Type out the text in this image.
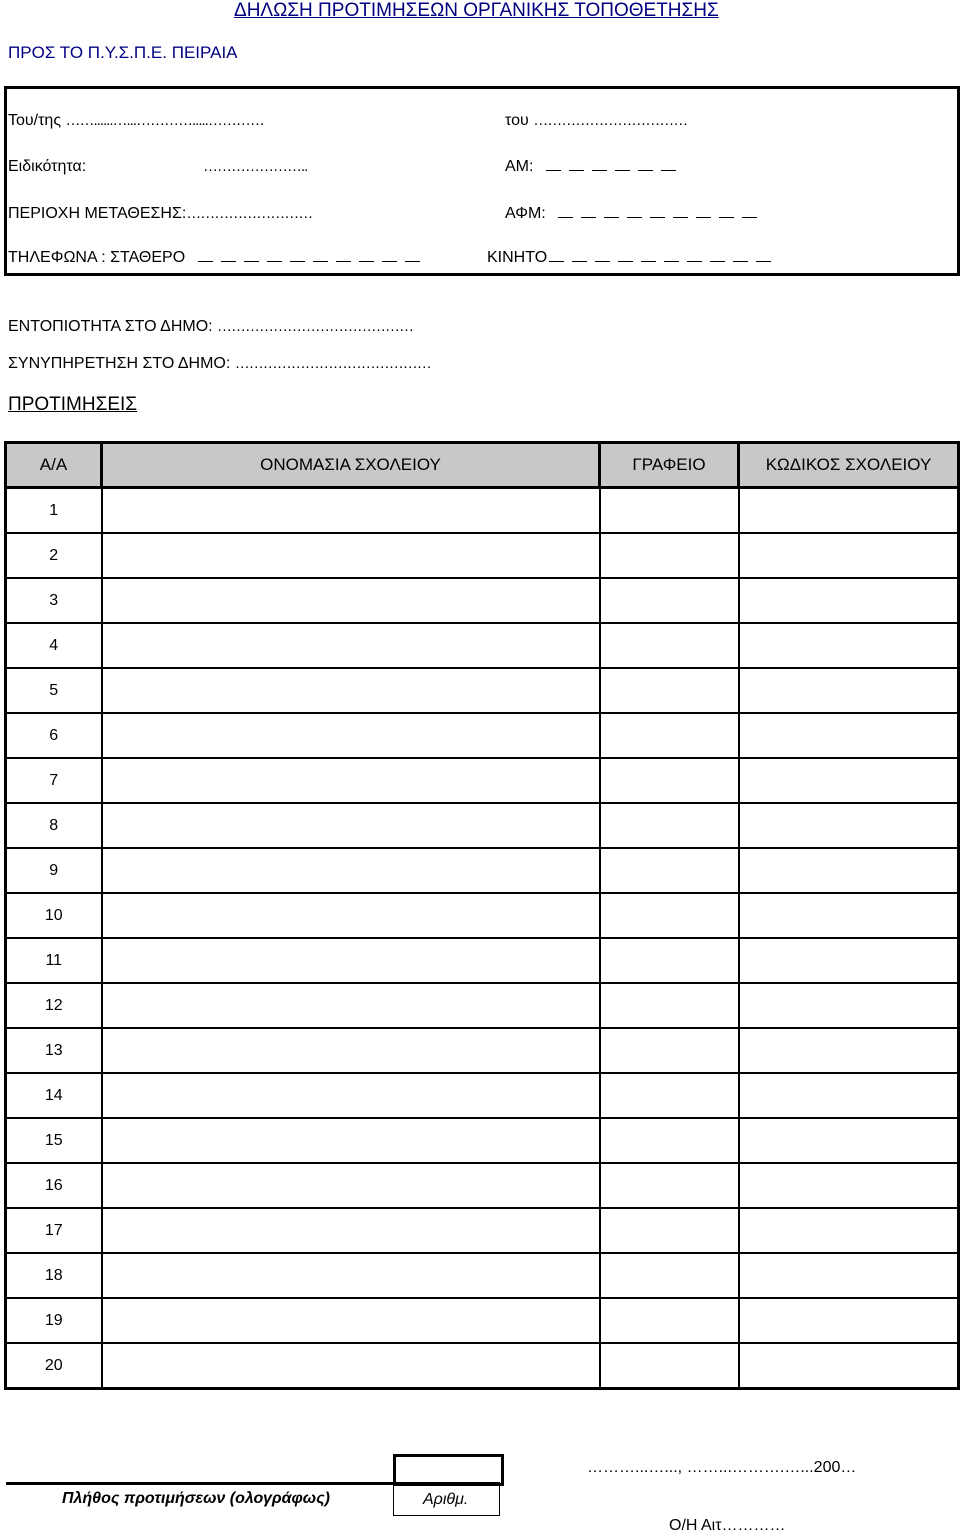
ΔΗΛΩΣΗ ΠΡΟΤΙΜΗΣΕΩΝ ΟΡΓΑΝΙΚΗΣ ΤΟΠΟΘΕΤΗΣΗΣ
ΠΡΟΣ ΤΟ Π.Υ.Σ.Π.Ε. ΠΕΙΡΑΙΑ
Του/της ……......…...………….....…………	του ……………………………
Ειδικότητα:	…………………..	ΑΜ:
ΠΕΡΙΟΧΗ ΜΕΤΑΘΕΣΗΣ:………………………	ΑΦΜ:
ΤΗΛΕΦΩΝΑ : ΣΤΑΘΕΡΟ	ΚΙΝΗΤΟ
ΕΝΤΟΠΙΟΤΗΤΑ ΣΤΟ ΔΗΜΟ: ……………………………………
ΣΥΝΥΠΗΡΕΤΗΣΗ ΣΤΟ ΔΗΜΟ: ……………………………………
ΠΡΟΤΙΜΗΣΕΙΣ
Α/Α	ΟΝΟΜΑΣΙΑ ΣΧΟΛΕΙΟΥ	ΓΡΑΦΕΙΟ	ΚΩΔΙΚΟΣ ΣΧΟΛΕΙΟΥ
1			
2			
3			
4			
5			
6			
7			
8			
9			
10			
11			
12			
13			
14			
15			
16			
17			
18			
19			
20			
Πλήθος προτιμήσεων (ολογράφως)	Αριθμ.
………...…..., ……...……….…...200…
Ο/Η Αιτ…………
